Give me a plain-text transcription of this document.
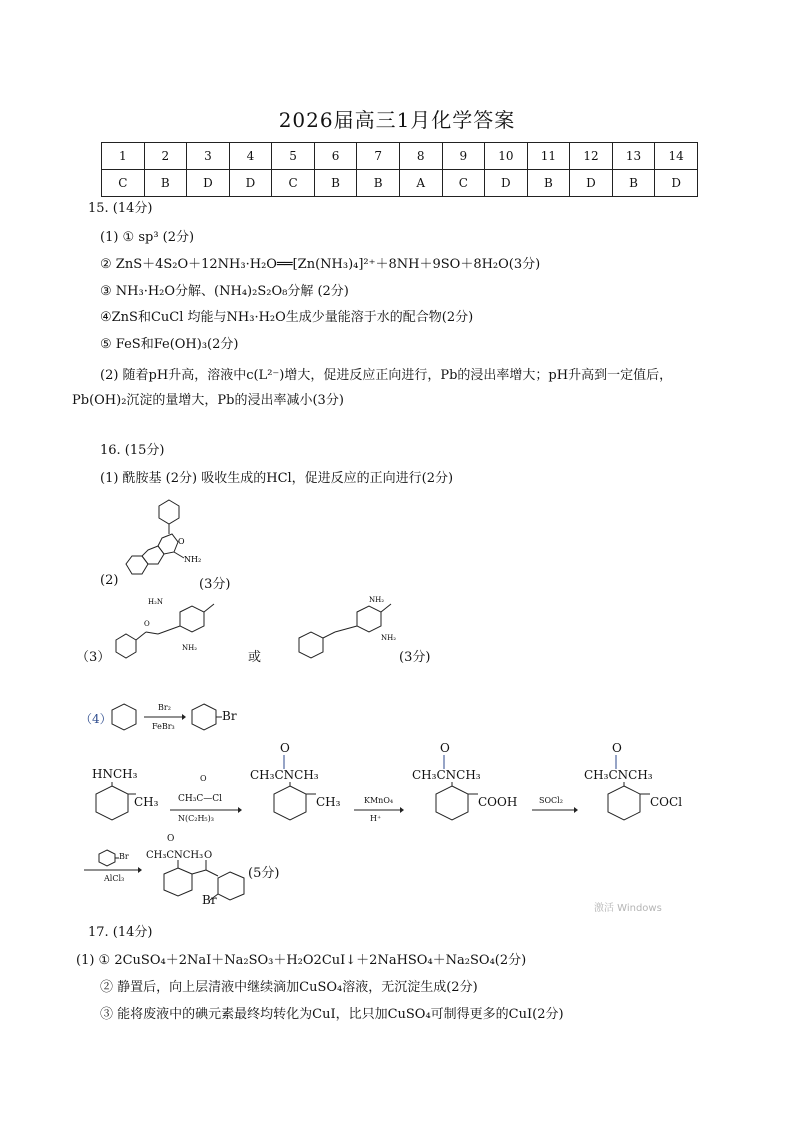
2026届高三1月化学答案
1	2	3	4	5	6	7	8	9	10	11	12	13	14
C	B	D	D	C	B	B	A	C	D	B	D	B	D
15. (14分)
(1) ① sp³ (2分)
② ZnS＋4S₂O＋12NH₃·H₂O══[Zn(NH₃)₄]²⁺＋8NH＋9SO＋8H₂O(3分)
③ NH₃·H₂O分解、(NH₄)₂S₂O₈分解 (2分)
④ZnS和CuCl 均能与NH₃·H₂O生成少量能溶于水的配合物(2分)
⑤ FeS和Fe(OH)₃(2分)
(2) 随着pH升高，溶液中c(L²⁻)增大，促进反应正向进行，Pb的浸出率增大；pH升高到一定值后，
Pb(OH)₂沉淀的量增大，Pb的浸出率减小(3分)
16. (15分)
(1) 酰胺基 (2分) 吸收生成的HCl，促进反应的正向进行(2分)
O
NH₂
(2)	(3分)
（3）
H₂N
O
NH₂
或
NH₂
NH₂
(3分)
（4）
Br₂
FeBr₃
Br
HNCH₃
CH₃
O
CH₃C—Cl
N(C₂H₅)₃
O
CH₃CNCH₃
CH₃	KMnO₄
H⁺
O
CH₃CNCH₃
COOH	SOCl₂
O
CH₃CNCH₃
COCl
Br
AlCl₃
O
CH₃CNCH₃ O
Br
(5分)
激活 Windows
17. (14分)
(1) ① 2CuSO₄＋2NaI＋Na₂SO₃＋H₂O2CuI↓＋2NaHSO₄＋Na₂SO₄(2分)
② 静置后，向上层清液中继续滴加CuSO₄溶液，无沉淀生成(2分)
③ 能将废液中的碘元素最终均转化为CuI，比只加CuSO₄可制得更多的CuI(2分)
